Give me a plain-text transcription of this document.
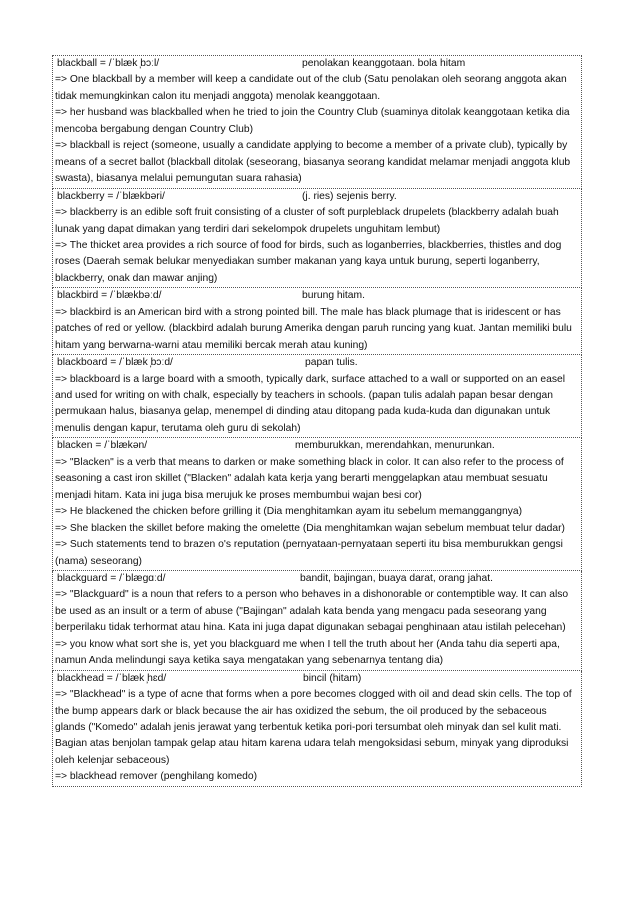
blackball = /ˈblæk ̦bɔːl/	penolakan keanggotaan. bola hitam
=> One blackball by a member will keep a candidate out of the club (Satu penolakan oleh seorang anggota akan tidak memungkinkan calon itu menjadi anggota) menolak keanggotaan.
=> her husband was blackballed when he tried to join the Country Club (suaminya ditolak keanggotaan ketika dia mencoba bergabung dengan Country Club)
=> blackball is reject (someone, usually a candidate applying to become a member of a private club), typically by means of a secret ballot (blackball ditolak (seseorang, biasanya seorang kandidat melamar menjadi anggota klub swasta), biasanya melalui pemungutan suara rahasia)
blackberry = /ˈblækbəri/	(j. ries) sejenis berry.
=> blackberry is an edible soft fruit consisting of a cluster of soft purpleblack drupelets (blackberry adalah buah lunak yang dapat dimakan yang terdiri dari sekelompok drupelets unguhitam lembut)
=> The thicket area provides a rich source of food for birds, such as loganberries, blackberries, thistles and dog roses (Daerah semak belukar menyediakan sumber makanan yang kaya untuk burung, seperti loganberry, blackberry, onak dan mawar anjing)
blackbird = /ˈblækbəːd/	burung hitam.
=> blackbird is an American bird with a strong pointed bill. The male has black plumage that is iridescent or has patches of red or yellow. (blackbird adalah burung Amerika dengan paruh runcing yang kuat. Jantan memiliki bulu hitam yang berwarna-warni atau memiliki bercak merah atau kuning)
blackboard = /ˈblæk ̦bɔːd/	papan tulis.
=> blackboard is a large board with a smooth, typically dark, surface attached to a wall or supported on an easel and used for writing on with chalk, especially by teachers in schools. (papan tulis adalah papan besar dengan permukaan halus, biasanya gelap, menempel di dinding atau ditopang pada kuda-kuda dan digunakan untuk menulis dengan kapur, terutama oleh guru di sekolah)
blacken = /ˈblækən/	memburukkan, merendahkan, menurunkan.
=> "Blacken" is a verb that means to darken or make something black in color. It can also refer to the process of seasoning a cast iron skillet ("Blacken" adalah kata kerja yang berarti menggelapkan atau membuat sesuatu menjadi hitam. Kata ini juga bisa merujuk ke proses membumbui wajan besi cor)
=> He blackened the chicken before grilling it (Dia menghitamkan ayam itu sebelum memanggangnya)
=> She blacken the skillet before making the omelette (Dia menghitamkan wajan sebelum membuat telur dadar)
=> Such statements tend to brazen o's reputation (pernyataan-pernyataan seperti itu bisa memburukkan gengsi (nama) seseorang)
blackguard = /ˈblægɑːd/	bandit, bajingan, buaya darat, orang jahat.
=> "Blackguard" is a noun that refers to a person who behaves in a dishonorable or contemptible way. It can also be used as an insult or a term of abuse ("Bajingan" adalah kata benda yang mengacu pada seseorang yang berperilaku tidak terhormat atau hina. Kata ini juga dapat digunakan sebagai penghinaan atau istilah pelecehan)
=> you know what sort she is, yet you blackguard me when I tell the truth about her (Anda tahu dia seperti apa, namun Anda melindungi saya ketika saya mengatakan yang sebenarnya tentang dia)
blackhead = /ˈblæk ̦hɛd/	bincil (hitam)
=> "Blackhead" is a type of acne that forms when a pore becomes clogged with oil and dead skin cells. The top of the bump appears dark or black because the air has oxidized the sebum, the oil produced by the sebaceous glands ("Komedo" adalah jenis jerawat yang terbentuk ketika pori-pori tersumbat oleh minyak dan sel kulit mati. Bagian atas benjolan tampak gelap atau hitam karena udara telah mengoksidasi sebum, minyak yang diproduksi oleh kelenjar sebaceous)
=> blackhead remover (penghilang komedo)
